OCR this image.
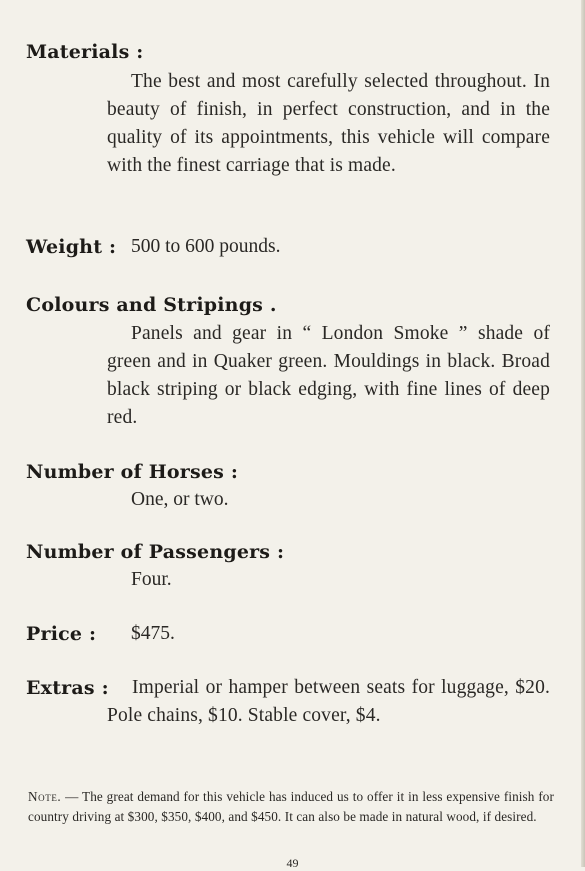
Materials :
The best and most carefully selected throughout. In beauty of finish, in perfect construction, and in the quality of its appointments, this vehicle will compare with the finest carriage that is made.
Weight : 500 to 600 pounds.
Colours and Stripings .
Panels and gear in “ London Smoke ” shade of green and in Quaker green. Mouldings in black. Broad black striping or black edging, with fine lines of deep red.
Number of Horses :
One, or two.
Number of Passengers :
Four.
Price : $475.
Extras :	Imperial or hamper between seats for luggage, $20. Pole chains, $10. Stable cover, $4.
Note. — The great demand for this vehicle has induced us to offer it in less expensive finish for country driving at $300, $350, $400, and $450. It can also be made in natural wood, if desired.
49
